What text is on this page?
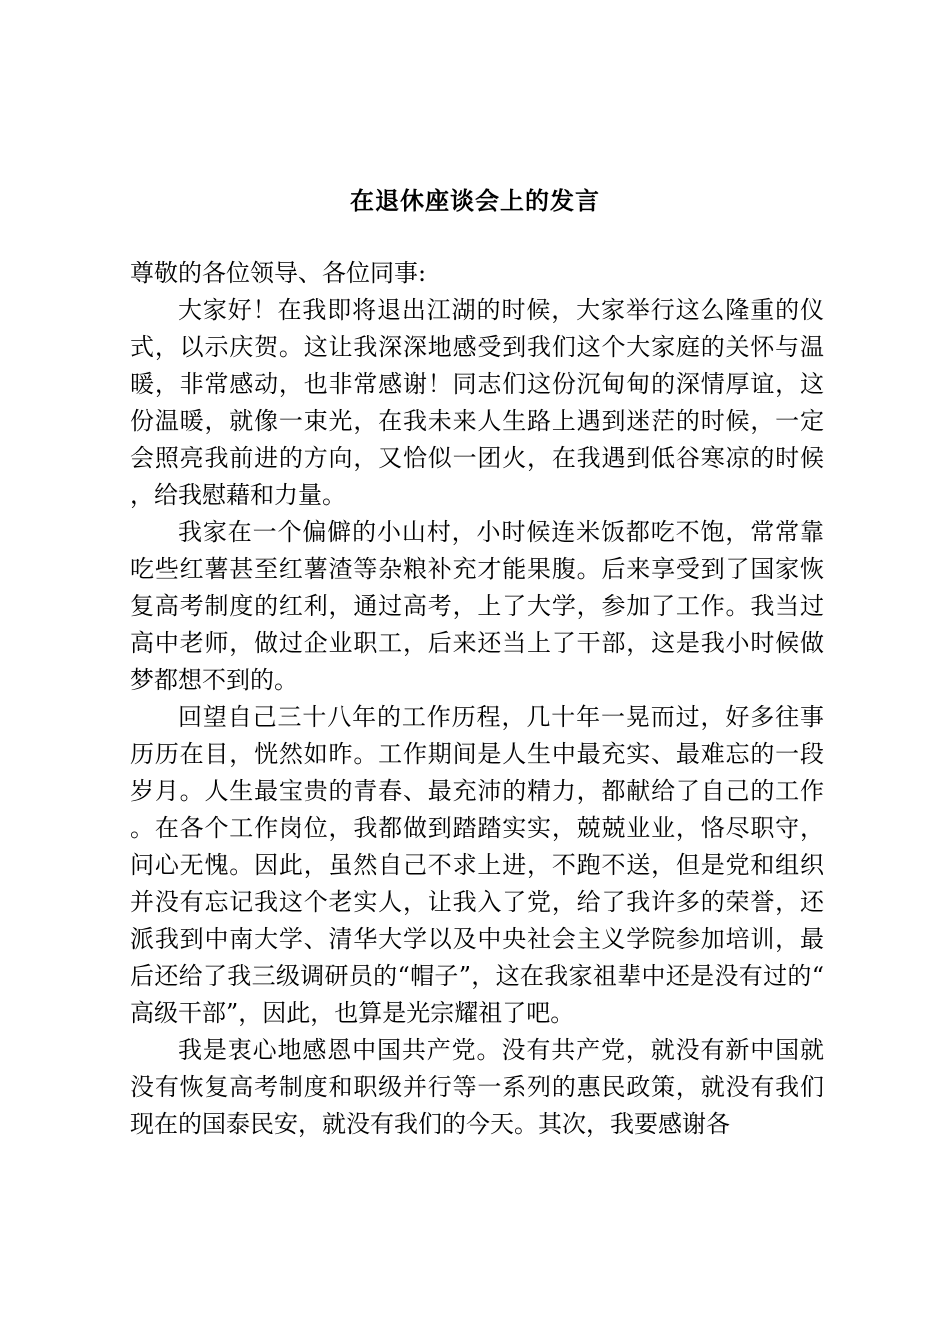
在退休座谈会上的发言

尊敬的各位领导、各位同事:

大家好！在我即将退出江湖的时候，大家举行这么隆重的仪式，以示庆贺。这让我深深地感受到我们这个大家庭的关怀与温暖，非常感动，也非常感谢！同志们这份沉甸甸的深情厚谊，这份温暖，就像一束光，在我未来人生路上遇到迷茫的时候，一定会照亮我前进的方向，又恰似一团火，在我遇到低谷寒凉的时候，给我慰藉和力量。

我家在一个偏僻的小山村，小时候连米饭都吃不饱，常常靠吃些红薯甚至红薯渣等杂粮补充才能果腹。后来享受到了国家恢复高考制度的红利，通过高考，上了大学，参加了工作。我当过高中老师，做过企业职工，后来还当上了干部，这是我小时候做梦都想不到的。

回望自己三十八年的工作历程，几十年一晃而过，好多往事历历在目，恍然如昨。工作期间是人生中最充实、最难忘的一段岁月。人生最宝贵的青春、最充沛的精力，都献给了自己的工作。在各个工作岗位，我都做到踏踏实实，兢兢业业，恪尽职守，问心无愧。因此，虽然自己不求上进，不跑不送，但是党和组织并没有忘记我这个老实人，让我入了党，给了我许多的荣誉，还派我到中南大学、清华大学以及中央社会主义学院参加培训，最后还给了我三级调研员的“帽子”，这在我家祖辈中还是没有过的“高级干部”，因此，也算是光宗耀祖了吧。

我是衷心地感恩中国共产党。没有共产党，就没有新中国就没有恢复高考制度和职级并行等一系列的惠民政策，就没有我们现在的国泰民安，就没有我们的今天。其次，我要感谢各
